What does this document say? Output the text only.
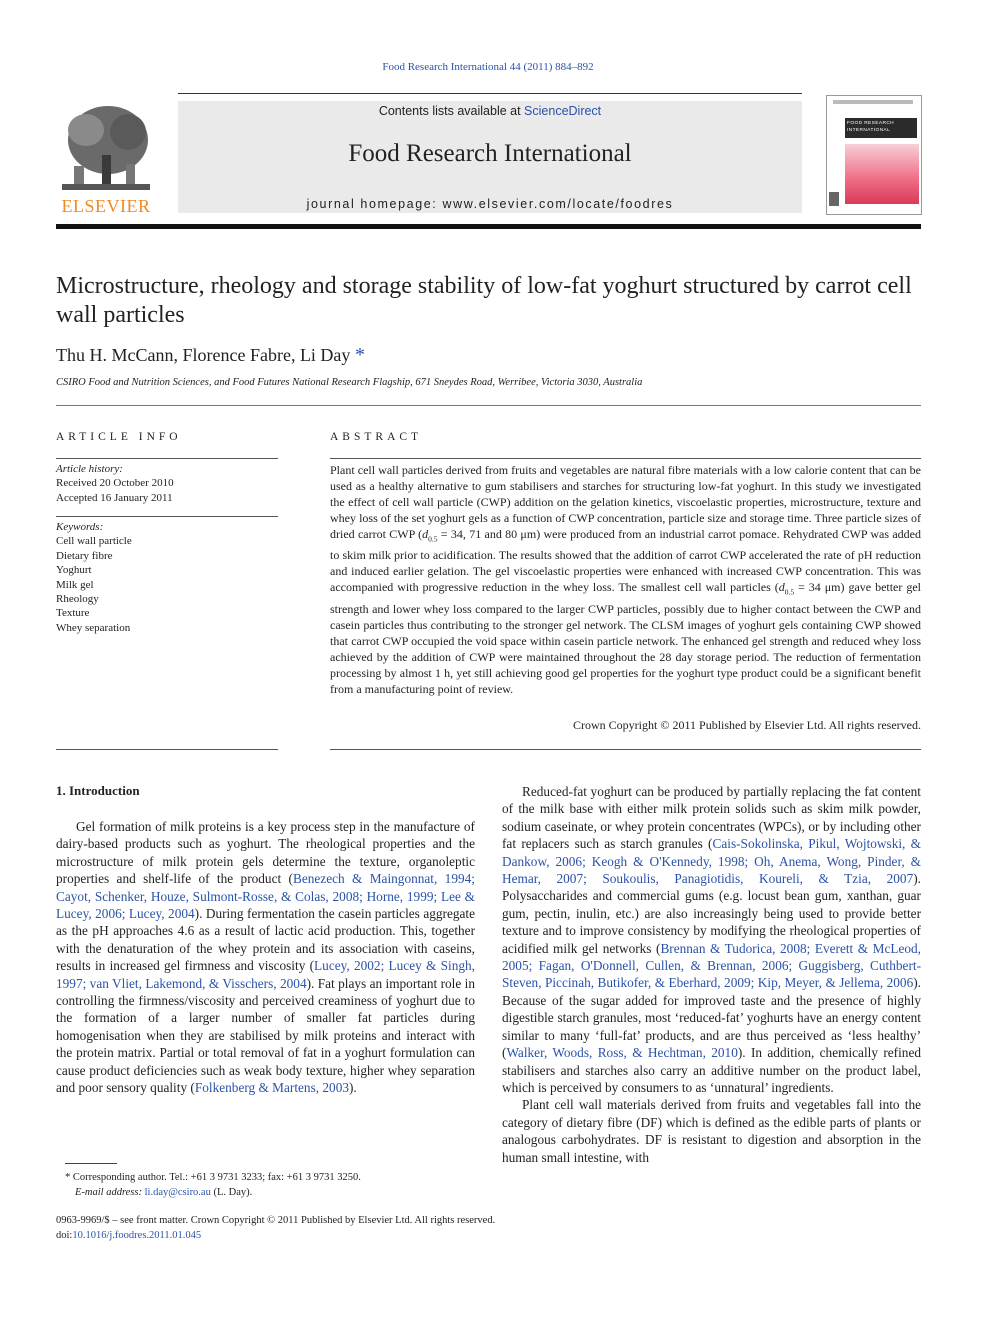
Food Research International 44 (2011) 884–892
ELSEVIER
Contents lists available at ScienceDirect
Food Research International
journal homepage: www.elsevier.com/locate/foodres
FOOD RESEARCH INTERNATIONAL
Microstructure, rheology and storage stability of low-fat yoghurt structured by carrot cell wall particles
Thu H. McCann, Florence Fabre, Li Day *
CSIRO Food and Nutrition Sciences, and Food Futures National Research Flagship, 671 Sneydes Road, Werribee, Victoria 3030, Australia
ARTICLE INFO
Article history:
Received 20 October 2010
Accepted 16 January 2011
Keywords:
Cell wall particle
Dietary fibre
Yoghurt
Milk gel
Rheology
Texture
Whey separation
ABSTRACT
Plant cell wall particles derived from fruits and vegetables are natural fibre materials with a low calorie content that can be used as a healthy alternative to gum stabilisers and starches for structuring low-fat yoghurt. In this study we investigated the effect of cell wall particle (CWP) addition on the gelation kinetics, viscoelastic properties, microstructure, texture and whey loss of the set yoghurt gels as a function of CWP concentration, particle size and storage time. Three particle sizes of dried carrot CWP ($d_{0.5} = 34$, 71 and 80 μm) were produced from an industrial carrot pomace. Rehydrated CWP was added to skim milk prior to acidification. The results showed that the addition of carrot CWP accelerated the rate of pH reduction and induced earlier gelation. The gel viscoelastic properties were enhanced with increased CWP concentration. This was accompanied with progressive reduction in the whey loss. The smallest cell wall particles ($d_{0.5} = 34$ μm) gave better gel strength and lower whey loss compared to the larger CWP particles, possibly due to higher contact between the CWP and casein particles thus contributing to the stronger gel network. The CLSM images of yoghurt gels containing CWP showed that carrot CWP occupied the void space within casein particle network. The enhanced gel strength and reduced whey loss achieved by the addition of CWP were maintained throughout the 28 day storage period. The reduction of fermentation processing by almost 1 h, yet still achieving good gel properties for the yoghurt type product could be a significant benefit from a manufacturing point of review.
Crown Copyright © 2011 Published by Elsevier Ltd. All rights reserved.
1. Introduction

Gel formation of milk proteins is a key process step in the manufacture of dairy-based products such as yoghurt. The rheological properties and the microstructure of milk protein gels determine the texture, organoleptic properties and shelf-life of the product (Benezech & Maingonnat, 1994; Cayot, Schenker, Houze, Sulmont-Rosse, & Colas, 2008; Horne, 1999; Lee & Lucey, 2006; Lucey, 2004). During fermentation the casein particles aggregate as the pH approaches 4.6 as a result of lactic acid production. This, together with the denaturation of the whey protein and its association with caseins, results in increased gel firmness and viscosity (Lucey, 2002; Lucey & Singh, 1997; van Vliet, Lakemond, & Visschers, 2004). Fat plays an important role in controlling the firmness/viscosity and perceived creaminess of yoghurt due to the formation of a larger number of smaller fat particles during homogenisation when they are stabilised by milk proteins and interact with the protein matrix. Partial or total removal of fat in a yoghurt formulation can cause product deficiencies such as weak body texture, higher whey separation and poor sensory quality (Folkenberg & Martens, 2003).

Reduced-fat yoghurt can be produced by partially replacing the fat content of the milk base with either milk protein solids such as skim milk powder, sodium caseinate, or whey protein concentrates (WPCs), or by including other fat replacers such as starch granules (Cais-Sokolinska, Pikul, Wojtowski, & Dankow, 2006; Keogh & O'Kennedy, 1998; Oh, Anema, Wong, Pinder, & Hemar, 2007; Soukoulis, Panagiotidis, Koureli, & Tzia, 2007). Polysaccharides and commercial gums (e.g. locust bean gum, xanthan, guar gum, pectin, inulin, etc.) are also increasingly being used to provide better texture and to improve consistency by modifying the rheological properties of acidified milk gel networks (Brennan & Tudorica, 2008; Everett & McLeod, 2005; Fagan, O'Donnell, Cullen, & Brennan, 2006; Guggisberg, Cuthbert-Steven, Piccinah, Butikofer, & Eberhard, 2009; Kip, Meyer, & Jellema, 2006). Because of the sugar added for improved taste and the presence of highly digestible starch granules, most ‘reduced-fat’ yoghurts have an energy content similar to many ‘full-fat’ products, and are thus perceived as ‘less healthy’ (Walker, Woods, Ross, & Hechtman, 2010). In addition, chemically refined stabilisers and starches also carry an additive number on the product label, which is perceived by consumers to as ‘unnatural’ ingredients.

Plant cell wall materials derived from fruits and vegetables fall into the category of dietary fibre (DF) which is defined as the edible parts of plants or analogous carbohydrates. DF is resistant to digestion and absorption in the human small intestine, with

* Corresponding author. Tel.: +61 3 9731 3233; fax: +61 3 9731 3250.
E-mail address: li.day@csiro.au (L. Day).
0963-9969/$ – see front matter. Crown Copyright © 2011 Published by Elsevier Ltd. All rights reserved.
doi:10.1016/j.foodres.2011.01.045
